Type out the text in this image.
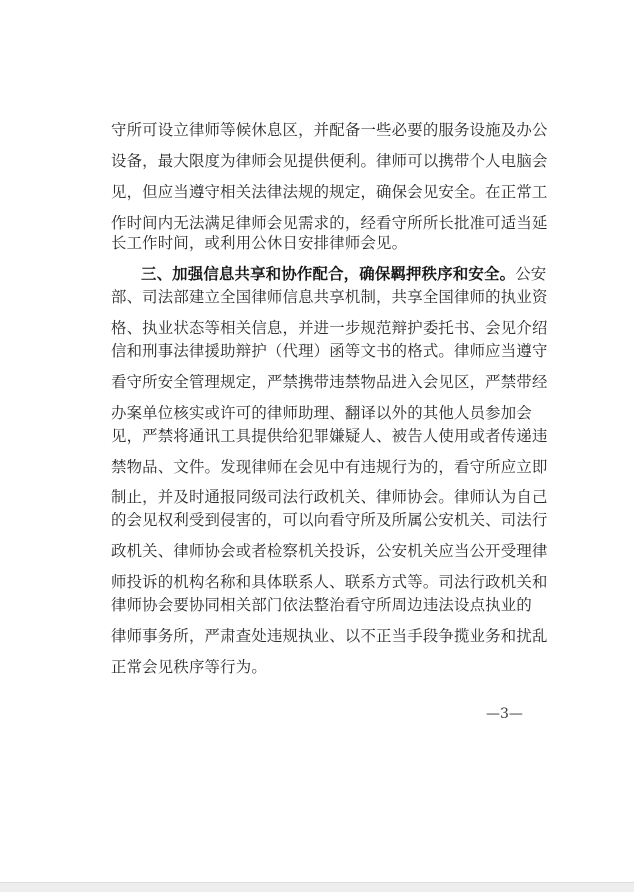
守所可设立律师等候休息区，并配备一些必要的服务设施及办公
设备，最大限度为律师会见提供便利。律师可以携带个人电脑会
见，但应当遵守相关法律法规的规定，确保会见安全。在正常工
作时间内无法满足律师会见需求的，经看守所所长批准可适当延
长工作时间，或利用公休日安排律师会见。
三、加强信息共享和协作配合，确保羁押秩序和安全。公安
部、司法部建立全国律师信息共享机制，共享全国律师的执业资
格、执业状态等相关信息，并进一步规范辩护委托书、会见介绍
信和刑事法律援助辩护（代理）函等文书的格式。律师应当遵守
看守所安全管理规定，严禁携带违禁物品进入会见区，严禁带经
办案单位核实或许可的律师助理、翻译以外的其他人员参加会
见，严禁将通讯工具提供给犯罪嫌疑人、被告人使用或者传递违
禁物品、文件。发现律师在会见中有违规行为的，看守所应立即
制止，并及时通报同级司法行政机关、律师协会。律师认为自己
的会见权利受到侵害的，可以向看守所及所属公安机关、司法行
政机关、律师协会或者检察机关投诉，公安机关应当公开受理律
师投诉的机构名称和具体联系人、联系方式等。司法行政机关和
律师协会要协同相关部门依法整治看守所周边违法设点执业的
律师事务所，严肃查处违规执业、以不正当手段争揽业务和扰乱
正常会见秩序等行为。
—3—
